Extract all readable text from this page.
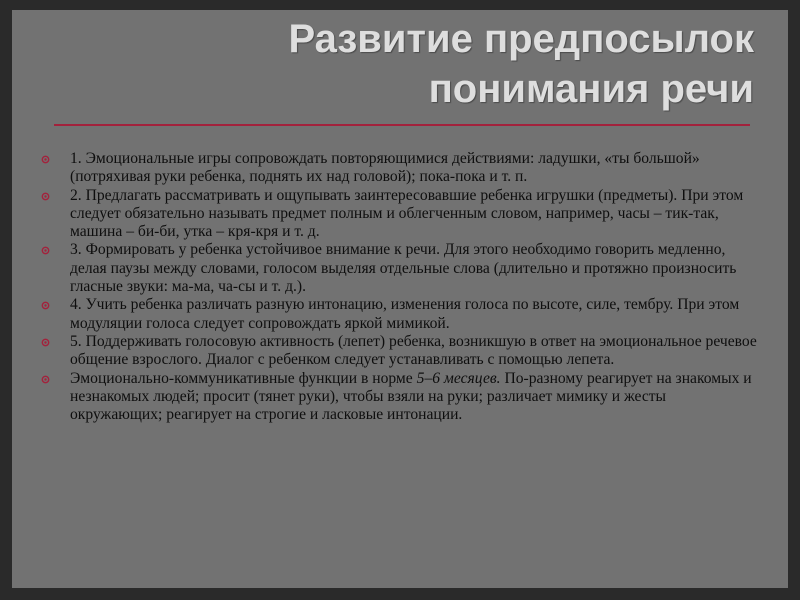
Развитие предпосылок
понимания речи
1. Эмоциональные игры сопровождать повторяющимися действиями: ладушки, «ты большой» (потряхивая руки ребенка, поднять их над головой); пока-пока и т. п.
2. Предлагать рассматривать и ощупывать заинтересовавшие ребенка игрушки (предметы). При этом следует обязательно называть предмет полным и облегченным словом, например, часы – тик-так, машина – би-би, утка – кря-кря и т. д.
3. Формировать у ребенка устойчивое внимание к речи. Для этого необходимо говорить медленно, делая паузы между словами, голосом выделяя отдельные слова (длительно и протяжно произносить гласные звуки: ма-ма, ча-сы и т. д.).
4. Учить ребенка различать разную интонацию, изменения голоса по высоте, силе, тембру. При этом модуляции голоса следует сопровождать яркой мимикой.
5. Поддерживать голосовую активность (лепет) ребенка, возникшую в ответ на эмоциональное речевое общение взрослого. Диалог с ребенком следует устанавливать с помощью лепета.
Эмоционально-коммуникативные функции в норме 5–6 месяцев. По-разному реагирует на знакомых и незнакомых людей; просит (тянет руки), чтобы взяли на руки; различает мимику и жесты окружающих; реагирует на строгие и ласковые интонации.
